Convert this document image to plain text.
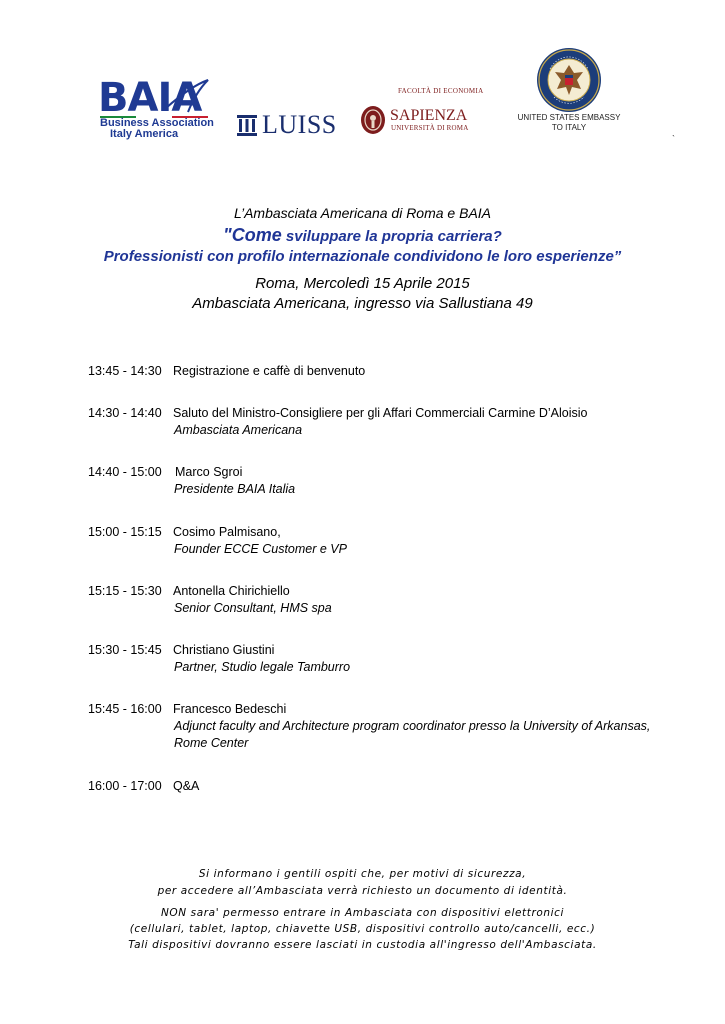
BAIA
Business Association
Italy America	LUISS
FACOLTÀ DI ECONOMIA
SAPIENZA
UNIVERSITÀ DI ROMA
UNITED STATES EMBASSY
TO ITALY
`
L’Ambasciata Americana di Roma e BAIA
"Come sviluppare la propria carriera?
Professionisti con profilo internazionale condividono le loro esperienze”
Roma, Mercoledì 15 Aprile 2015
Ambasciata Americana, ingresso via Sallustiana 49
13:45 - 14:30 Registrazione e caffè di benvenuto
14:30 - 14:40 Saluto del Ministro-Consigliere per gli Affari Commerciali Carmine D’Aloisio
Ambasciata Americana
14:40 - 15:00 Marco Sgroi
Presidente BAIA Italia
15:00 - 15:15 Cosimo Palmisano,
Founder ECCE Customer e VP
15:15 - 15:30 Antonella Chirichiello
Senior Consultant, HMS spa
15:30 - 15:45 Christiano Giustini
Partner, Studio legale Tamburro
15:45 - 16:00 Francesco Bedeschi
Adjunct faculty and Architecture program coordinator presso la University of Arkansas,
Rome Center
16:00 - 17:00 Q&A
Si informano i gentili ospiti che, per motivi di sicurezza,
per accedere all’Ambasciata verrà richiesto un documento di identità.
NON sara' permesso entrare in Ambasciata con dispositivi elettronici
(cellulari, tablet, laptop, chiavette USB, dispositivi controllo auto/cancelli, ecc.)
Tali dispositivi dovranno essere lasciati in custodia all'ingresso dell'Ambasciata.
